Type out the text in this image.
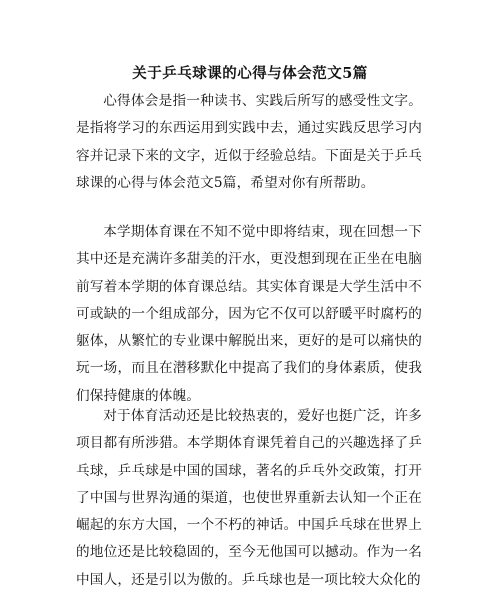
关于乒乓球课的心得与体会范文5篇

心得体会是指一种读书、实践后所写的感受性文字。是指将学习的东西运用到实践中去，通过实践反思学习内容并记录下来的文字，近似于经验总结。下面是关于乒乓球课的心得与体会范文5篇，希望对你有所帮助。

本学期体育课在不知不觉中即将结束，现在回想一下其中还是充满许多甜美的汗水，更没想到现在正坐在电脑前写着本学期的体育课总结。其实体育课是大学生活中不可或缺的一个组成部分，因为它不仅可以舒暖平时腐朽的躯体，从繁忙的专业课中解脱出来，更好的是可以痛快的玩一场，而且在潜移默化中提高了我们的身体素质，使我们保持健康的体魄。

对于体育活动还是比较热衷的，爱好也挺广泛，许多项目都有所涉猎。本学期体育课凭着自己的兴趣选择了乒乓球，乒乓球是中国的国球，著名的乒乓外交政策，打开了中国与世界沟通的渠道，也使世界重新去认知一个正在崛起的东方大国，一个不朽的神话。中国乒乓球在世界上的地位还是比较稳固的，至今无他国可以撼动。作为一名中国人，还是引以为傲的。乒乓球也是一项比较大众化的
